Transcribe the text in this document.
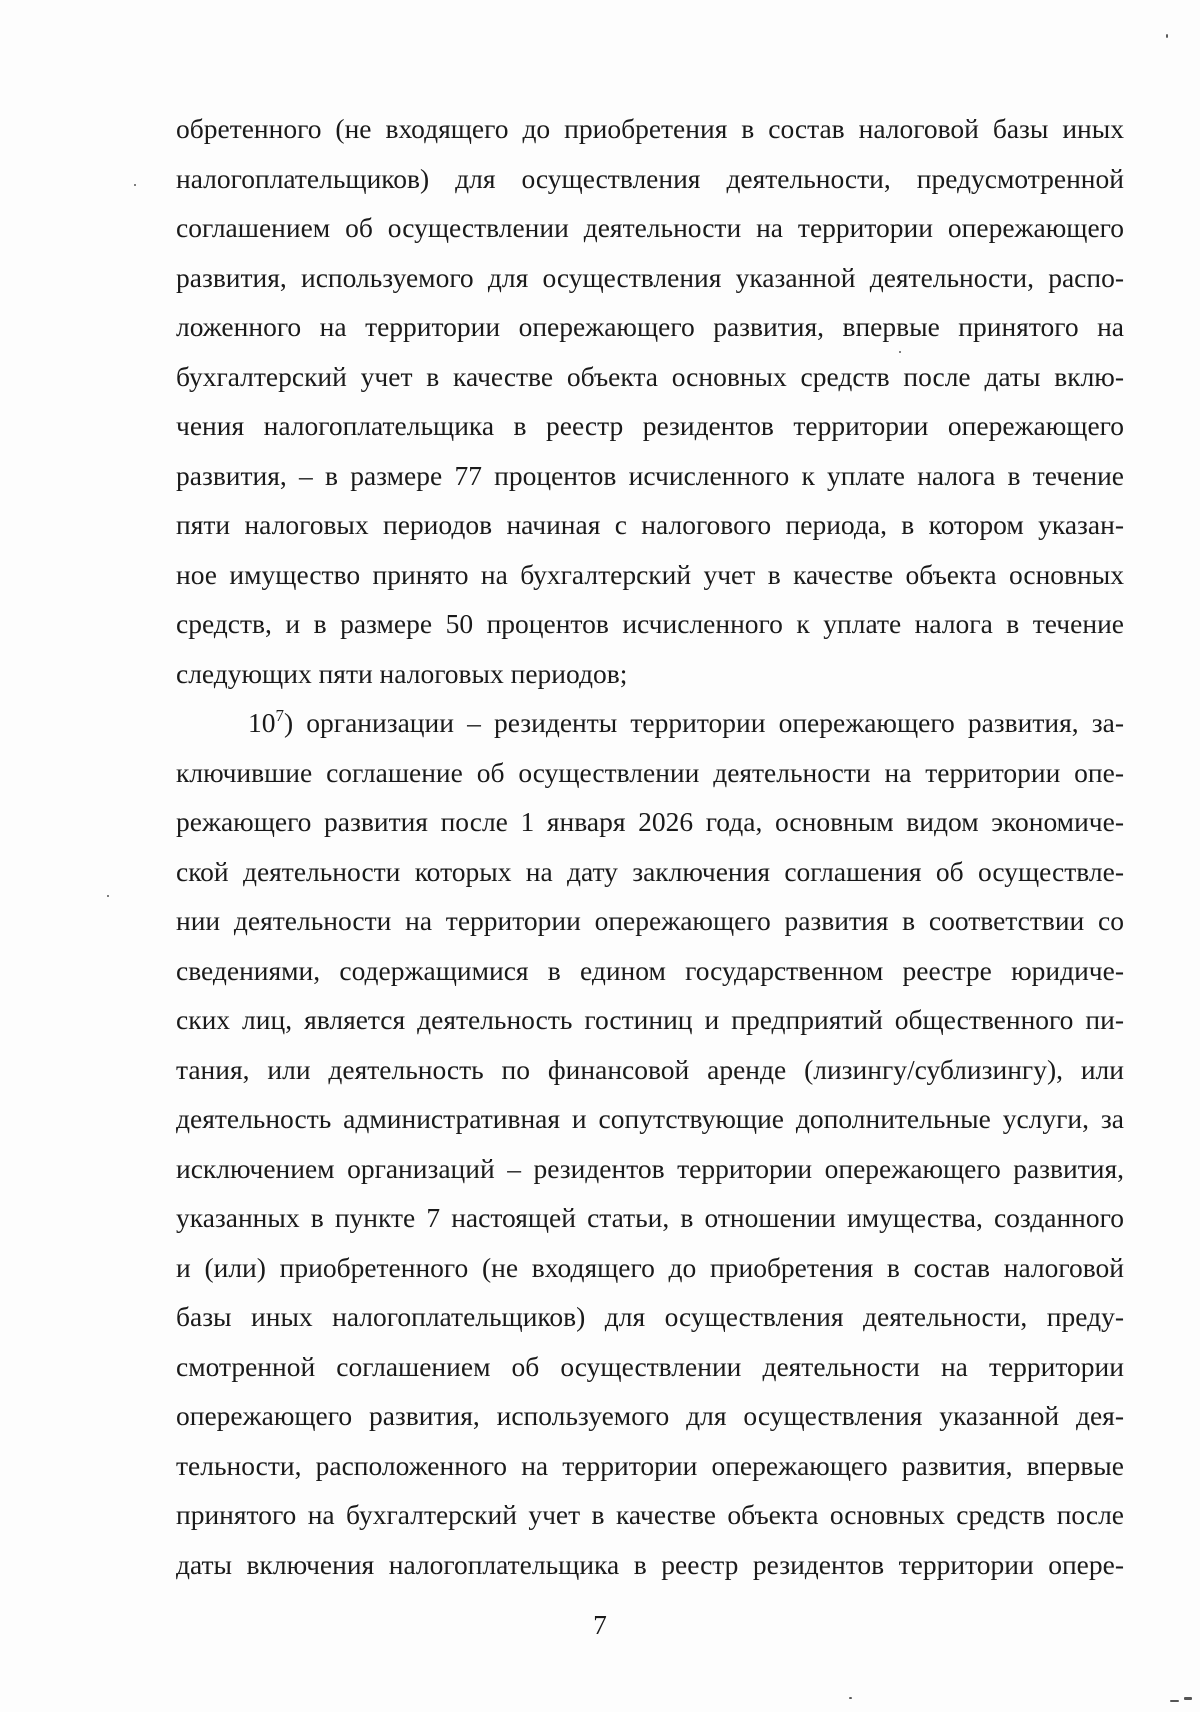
обретенного (не входящего до приобретения в состав налоговой базы иных
налогоплательщиков) для осуществления деятельности, предусмотренной
соглашением об осуществлении деятельности на территории опережающего
развития, используемого для осуществления указанной деятельности, распо-
ложенного на территории опережающего развития, впервые принятого на
бухгалтерский учет в качестве объекта основных средств после даты вклю-
чения налогоплательщика в реестр резидентов территории опережающего
развития, – в размере 77 процентов исчисленного к уплате налога в течение
пяти налоговых периодов начиная с налогового периода, в котором указан-
ное имущество принято на бухгалтерский учет в качестве объекта основных
средств, и в размере 50 процентов исчисленного к уплате налога в течение
следующих пяти налоговых периодов;
$10^7$) организации – резиденты территории опережающего развития, за-
ключившие соглашение об осуществлении деятельности на территории опе-
режающего развития после 1 января 2026 года, основным видом экономиче-
ской деятельности которых на дату заключения соглашения об осуществле-
нии деятельности на территории опережающего развития в соответствии со
сведениями, содержащимися в едином государственном реестре юридиче-
ских лиц, является деятельность гостиниц и предприятий общественного пи-
тания, или деятельность по финансовой аренде (лизингу/сублизингу), или
деятельность административная и сопутствующие дополнительные услуги, за
исключением организаций – резидентов территории опережающего развития,
указанных в пункте 7 настоящей статьи, в отношении имущества, созданного
и (или) приобретенного (не входящего до приобретения в состав налоговой
базы иных налогоплательщиков) для осуществления деятельности, преду-
смотренной соглашением об осуществлении деятельности на территории
опережающего развития, используемого для осуществления указанной дея-
тельности, расположенного на территории опережающего развития, впервые
принятого на бухгалтерский учет в качестве объекта основных средств после
даты включения налогоплательщика в реестр резидентов территории опере-
7
